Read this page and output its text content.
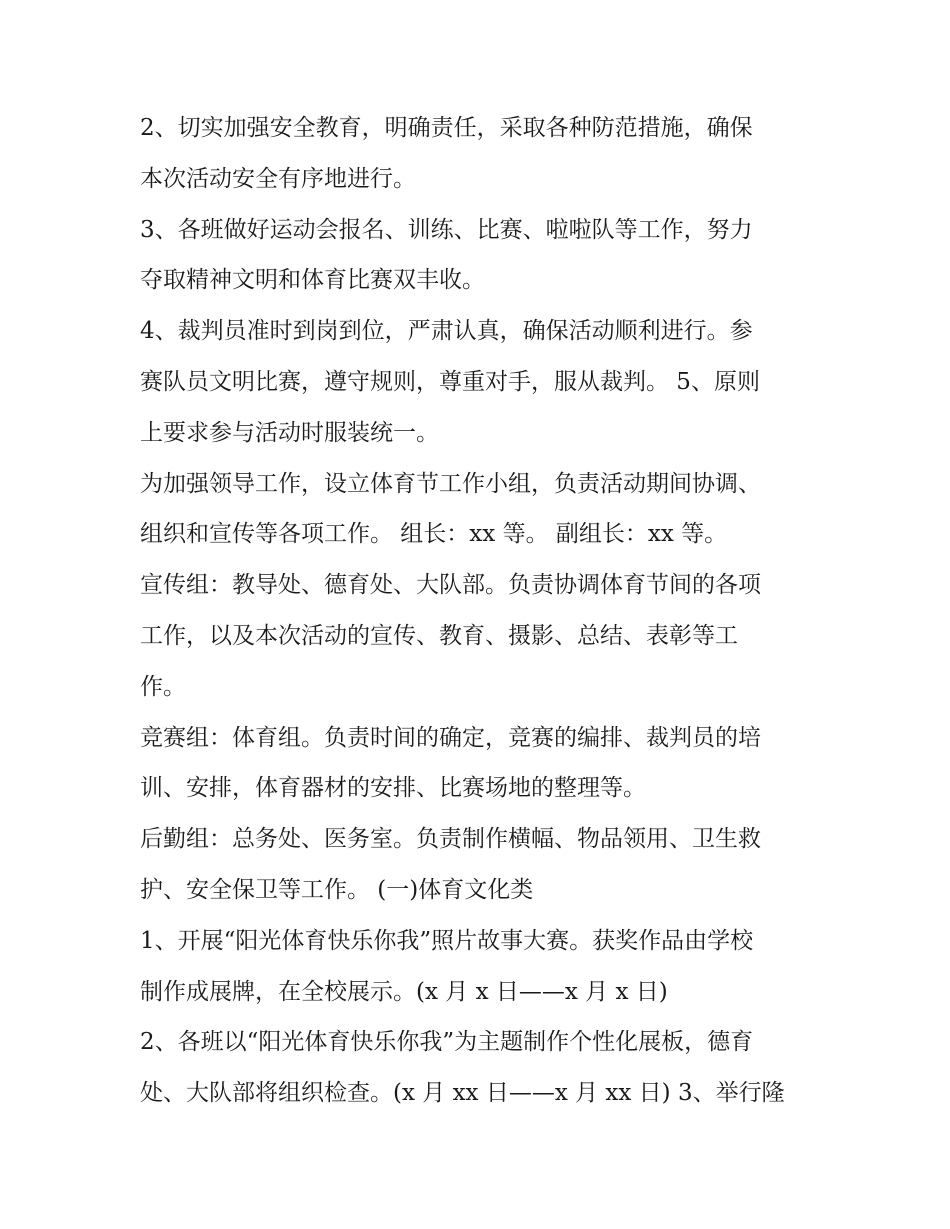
2、切实加强安全教育，明确责任，采取各种防范措施，确保
本次活动安全有序地进行。

3、各班做好运动会报名、训练、比赛、啦啦队等工作，努力
夺取精神文明和体育比赛双丰收。

4、裁判员准时到岗到位，严肃认真，确保活动顺利进行。参
赛队员文明比赛，遵守规则，尊重对手，服从裁判。 5、原则
上要求参与活动时服装统一。

为加强领导工作，设立体育节工作小组，负责活动期间协调、
组织和宣传等各项工作。 组长：xx 等。 副组长：xx 等。

宣传组：教导处、德育处、大队部。负责协调体育节间的各项
工作，以及本次活动的宣传、教育、摄影、总结、表彰等工
作。

竞赛组：体育组。负责时间的确定，竞赛的编排、裁判员的培
训、安排，体育器材的安排、比赛场地的整理等。

后勤组：总务处、医务室。负责制作横幅、物品领用、卫生救
护、安全保卫等工作。 (一)体育文化类

1、开展“阳光体育快乐你我”照片故事大赛。获奖作品由学校
制作成展牌，在全校展示。(x 月 x 日——x 月 x 日)

2、各班以“阳光体育快乐你我”为主题制作个性化展板，德育
处、大队部将组织检查。(x 月 xx 日——x 月 xx 日) 3、举行隆
